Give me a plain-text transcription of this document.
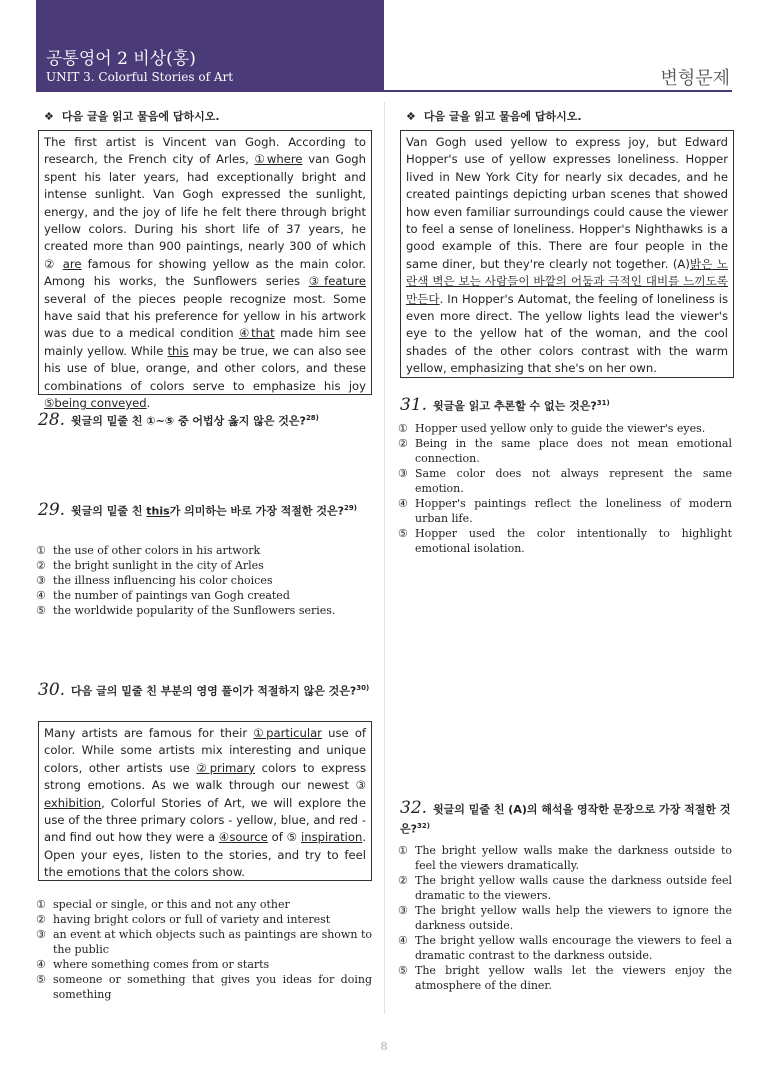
공통영어 2 비상(홍)
UNIT 3. Colorful Stories of Art	변형문제
❖ 다음 글을 읽고 물음에 답하시오.
The first artist is Vincent van Gogh. According to research, the French city of Arles, ①where van Gogh spent his later years, had exceptionally bright and intense sunlight. Van Gogh expressed the sunlight, energy, and the joy of life he felt there through bright yellow colors. During his short life of 37 years, he created more than 900 paintings, nearly 300 of which ② are famous for showing yellow as the main color. Among his works, the Sunflowers series ③feature several of the pieces people recognize most. Some have said that his preference for yellow in his artwork was due to a medical condition ④that made him see mainly yellow. While this may be true, we can also see his use of blue, orange, and other colors, and these combinations of colors serve to emphasize his joy ⑤being conveyed.
28. 윗글의 밑줄 친 ①~⑤ 중 어법상 옳지 않은 것은?$^{28)}$
29. 윗글의 밑줄 친 this가 의미하는 바로 가장 적절한 것은?$^{29)}$
① the use of other colors in his artwork
② the bright sunlight in the city of Arles
③ the illness influencing his color choices
④ the number of paintings van Gogh created
⑤ the worldwide popularity of the Sunflowers series.
30. 다음 글의 밑줄 친 부분의 영영 풀이가 적절하지 않은 것은?$^{30)}$
Many artists are famous for their ①particular use of color. While some artists mix interesting and unique colors, other artists use ②primary colors to express strong emotions. As we walk through our newest ③ exhibition, Colorful Stories of Art, we will explore the use of the three primary colors - yellow, blue, and red - and find out how they were a ④source of ⑤ inspiration. Open your eyes, listen to the stories, and try to feel the emotions that the colors show.
① special or single, or this and not any other
② having bright colors or full of variety and interest
③ an event at which objects such as paintings are shown to the public
④ where something comes from or starts
⑤ someone or something that gives you ideas for doing something
❖ 다음 글을 읽고 물음에 답하시오.
Van Gogh used yellow to express joy, but Edward Hopper's use of yellow expresses loneliness. Hopper lived in New York City for nearly six decades, and he created paintings depicting urban scenes that showed how even familiar surroundings could cause the viewer to feel a sense of loneliness. Hopper's Nighthawks is a good example of this. There are four people in the same diner, but they're clearly not together. (A)밝은 노란색 벽은 보는 사람들이 바깥의 어둠과 극적인 대비를 느끼도록 만든다. In Hopper's Automat, the feeling of loneliness is even more direct. The yellow lights lead the viewer's eye to the yellow hat of the woman, and the cool shades of the other colors contrast with the warm yellow, emphasizing that she's on her own.
31. 윗글을 읽고 추론할 수 없는 것은?$^{31)}$
① Hopper used yellow only to guide the viewer's eyes.
② Being in the same place does not mean emotional connection.
③ Same color does not always represent the same emotion.
④ Hopper's paintings reflect the loneliness of modern urban life.
⑤ Hopper used the color intentionally to highlight emotional isolation.
32. 윗글의 밑줄 친 (A)의 해석을 영작한 문장으로 가장 적절한 것은?$^{32)}$
① The bright yellow walls make the darkness outside to feel the viewers dramatically.
② The bright yellow walls cause the darkness outside feel dramatic to the viewers.
③ The bright yellow walls help the viewers to ignore the darkness outside.
④ The bright yellow walls encourage the viewers to feel a dramatic contrast to the darkness outside.
⑤ The bright yellow walls let the viewers enjoy the atmosphere of the diner.
8
